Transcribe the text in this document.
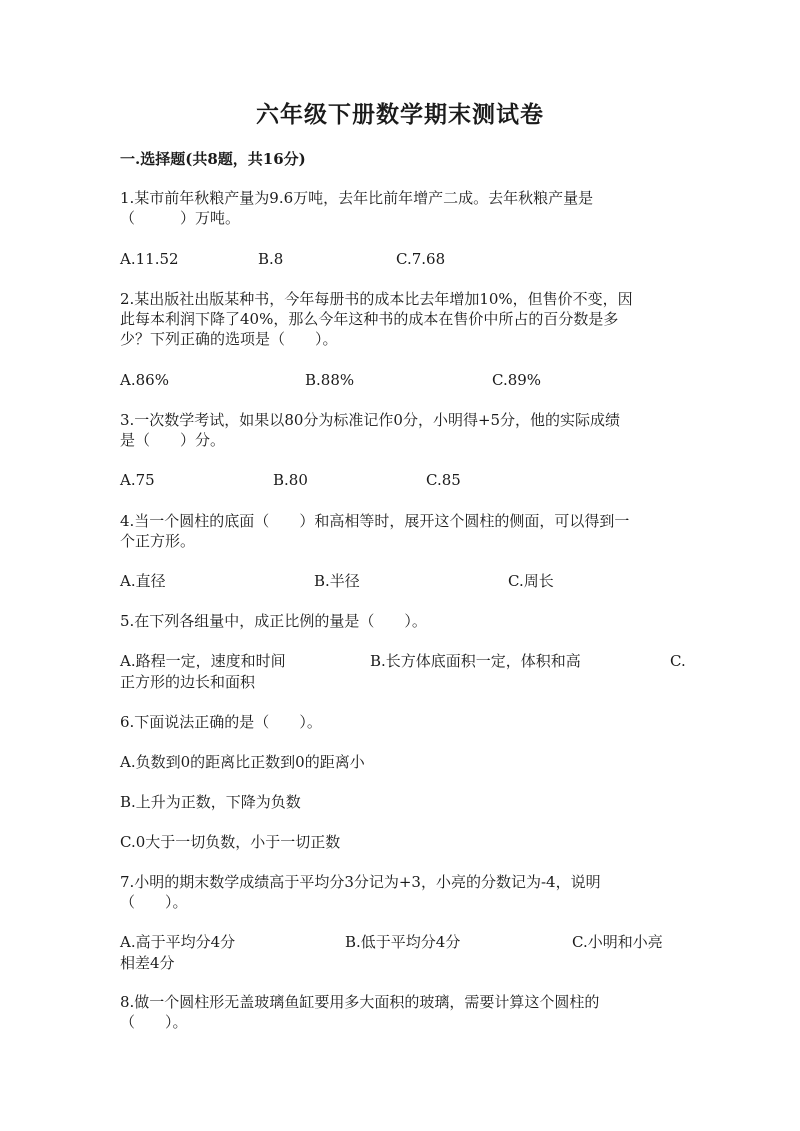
六年级下册数学期末测试卷

一.选择题(共8题，共16分)

1.某市前年秋粮产量为9.6万吨，去年比前年增产二成。去年秋粮产量是
（　　　）万吨。
A.11.52	B.8	C.7.68
2.某出版社出版某种书，今年每册书的成本比去年增加10%，但售价不变，因
此每本利润下降了40%，那么今年这种书的成本在售价中所占的百分数是多
少？下列正确的选项是（　　）。
A.86%	B.88%	C.89%
3.一次数学考试，如果以80分为标准记作0分，小明得+5分，他的实际成绩
是（　　）分。
A.75	B.80	C.85
4.当一个圆柱的底面（　　）和高相等时，展开这个圆柱的侧面，可以得到一
个正方形。
A.直径	B.半径	C.周长
5.在下列各组量中，成正比例的量是（　　）。
A.路程一定，速度和时间	B.长方体底面积一定，体积和高	C.
正方形的边长和面积
6.下面说法正确的是（　　）。
A.负数到0的距离比正数到0的距离小
B.上升为正数，下降为负数
C.0大于一切负数，小于一切正数
7.小明的期末数学成绩高于平均分3分记为+3，小亮的分数记为-4，说明
（　　）。
A.高于平均分4分	B.低于平均分4分	C.小明和小亮
相差4分
8.做一个圆柱形无盖玻璃鱼缸要用多大面积的玻璃，需要计算这个圆柱的
（　　）。
